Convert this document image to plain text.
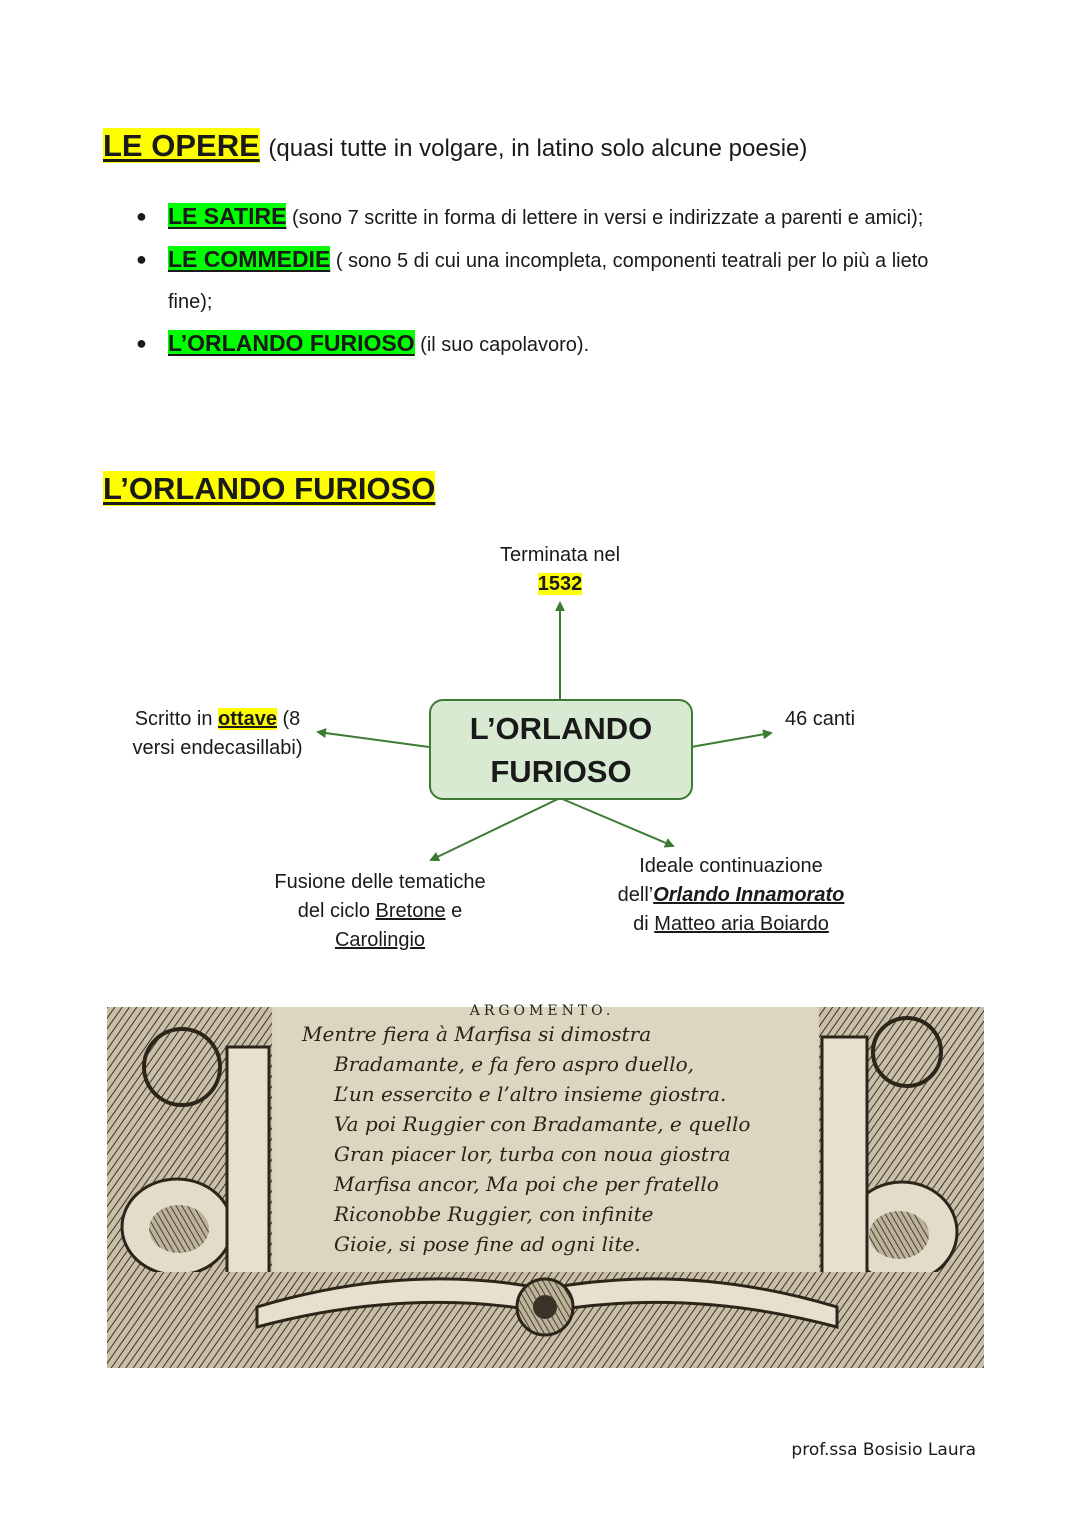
LE OPERE (quasi tutte in volgare, in latino solo alcune poesie)
● LE SATIRE (sono 7 scritte in forma di lettere in versi e indirizzate a parenti e amici);
● LE COMMEDIE ( sono 5 di cui una incompleta, componenti teatrali per lo più a lieto fine);
● L’ORLANDO FURIOSO (il suo capolavoro).
L’ORLANDO FURIOSO
L’ORLANDO
FURIOSO
Terminata nel
1532
Scritto in ottave (8
versi endecasillabi)
46 canti
Fusione delle tematiche
del ciclo Bretone e
Carolingio
Ideale continuazione
dell’Orlando Innamorato
di Matteo aria Boiardo
ARGOMENTO.
Mentre fiera à Marfisa si dimostra
Bradamante, e fa fero aspro duello,
L’un essercito e l’altro insieme giostra.
Va poi Ruggier con Bradamante, e quello
Gran piacer lor, turba con noua giostra
Marfisa ancor, Ma poi che per fratello
Riconobbe Ruggier, con infinite
Gioie, si pose fine ad ogni lite.
prof.ssa Bosisio Laura
